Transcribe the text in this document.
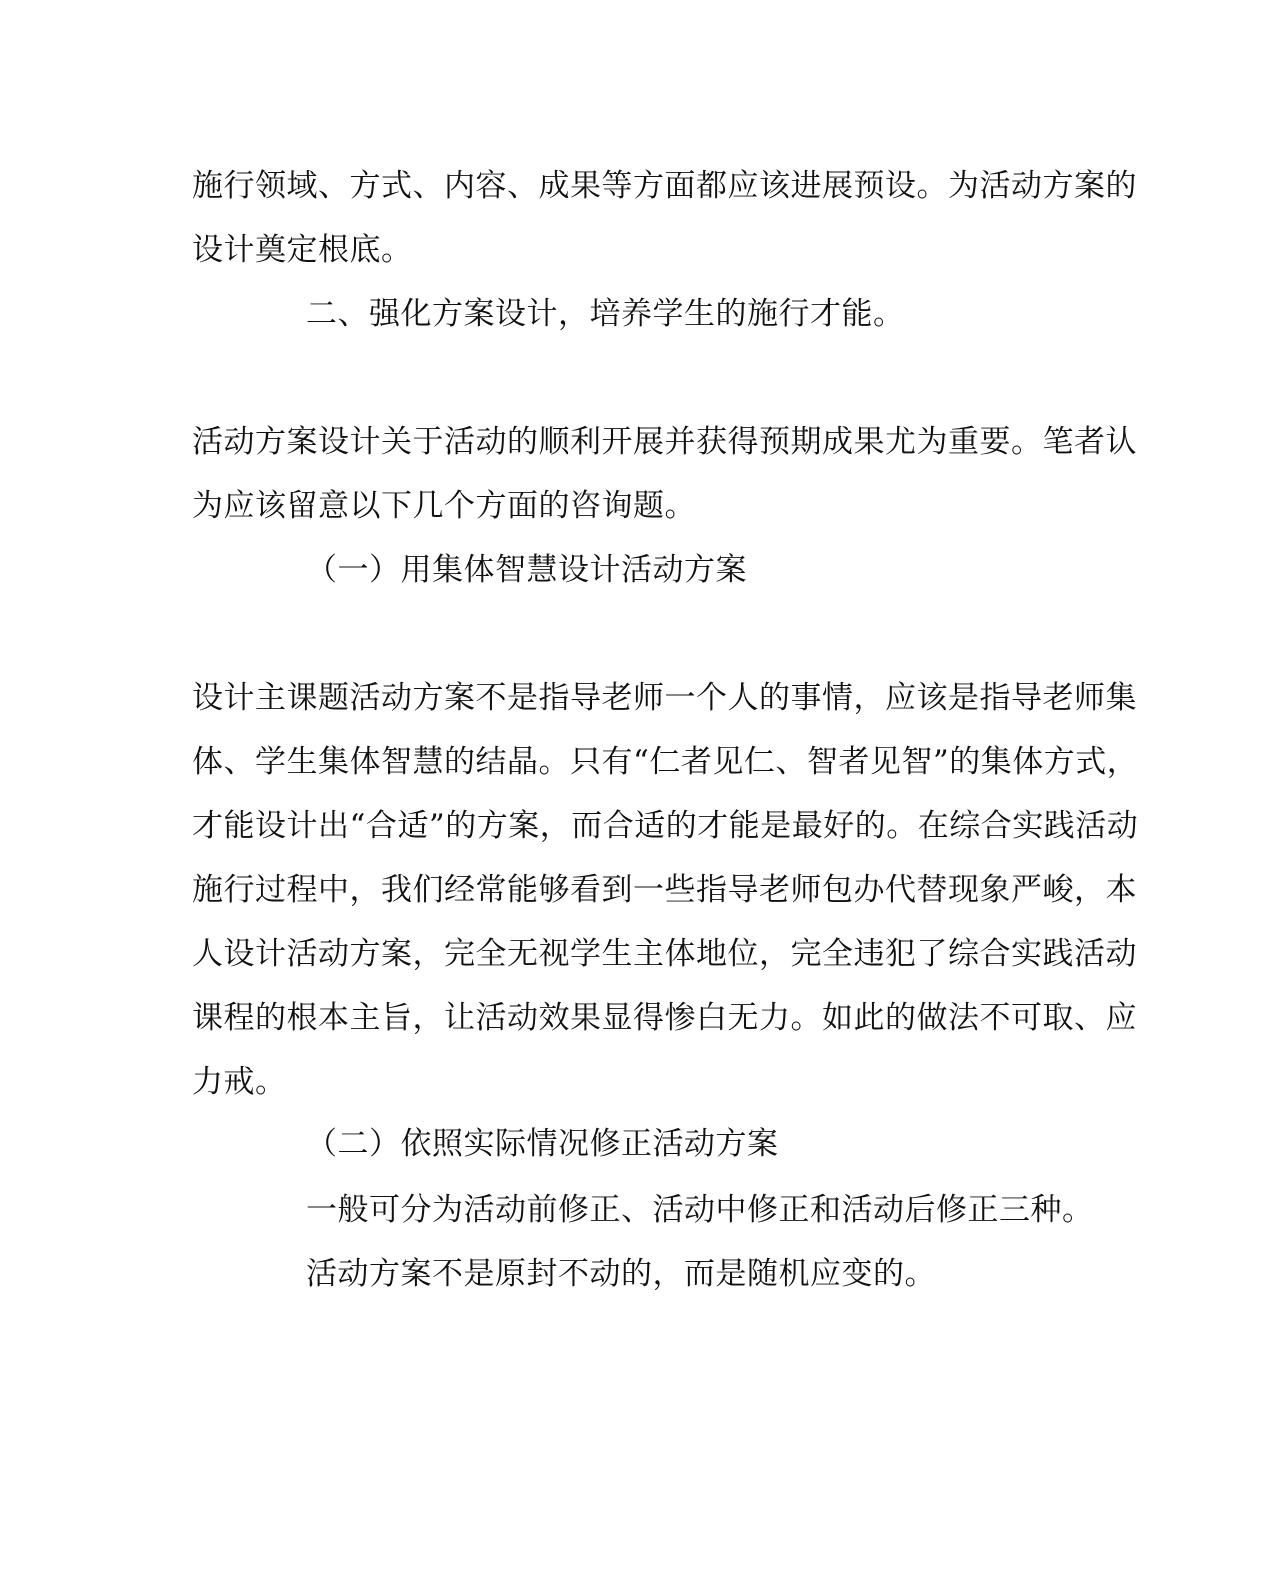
施行领域、方式、内容、成果等方面都应该进展预设。为活动方案的
设计奠定根底。
二、强化方案设计，培养学生的施行才能。
活动方案设计关于活动的顺利开展并获得预期成果尤为重要。笔者认
为应该留意以下几个方面的咨询题。
（一）用集体智慧设计活动方案
设计主课题活动方案不是指导老师一个人的事情，应该是指导老师集
体、学生集体智慧的结晶。只有“仁者见仁、智者见智”的集体方式，
才能设计出“合适”的方案，而合适的才能是最好的。在综合实践活动
施行过程中，我们经常能够看到一些指导老师包办代替现象严峻，本
人设计活动方案，完全无视学生主体地位，完全违犯了综合实践活动
课程的根本主旨，让活动效果显得惨白无力。如此的做法不可取、应
力戒。
（二）依照实际情况修正活动方案
一般可分为活动前修正、活动中修正和活动后修正三种。
活动方案不是原封不动的，而是随机应变的。
